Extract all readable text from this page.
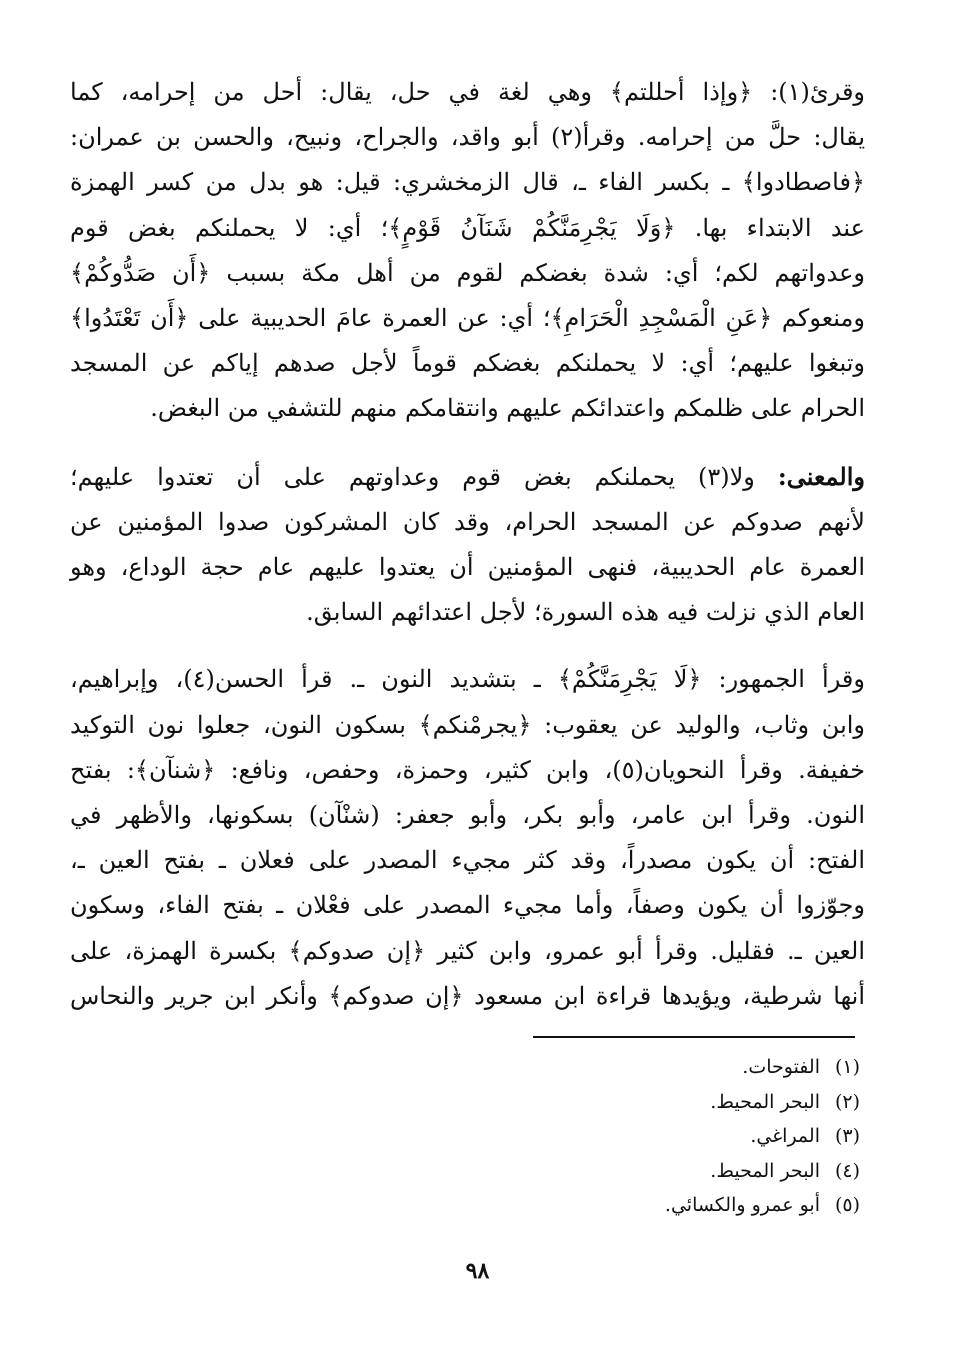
وقرئ(١): ﴿وإذا أحللتم﴾ وهي لغة في حل، يقال: أحل من إحرامه، كما
يقال: حلَّ من إحرامه. وقرأ(٢) أبو واقد، والجراح، ونبيح، والحسن بن عمران:
﴿فاصطادوا﴾ ـ بكسر الفاء ـ، قال الزمخشري: قيل: هو بدل من كسر الهمزة
عند الابتداء بها. ﴿وَلَا يَجْرِمَنَّكُمْ شَنَآنُ قَوْمٍ﴾؛ أي: لا يحملنكم بغض قوم
وعدواتهم لكم؛ أي: شدة بغضكم لقوم من أهل مكة بسبب ﴿أَن صَدُّوكُمْ﴾
ومنعوكم ﴿عَنِ الْمَسْجِدِ الْحَرَامِ﴾؛ أي: عن العمرة عامَ الحديبية على ﴿أَن تَعْتَدُوا﴾
وتبغوا عليهم؛ أي: لا يحملنكم بغضكم قوماً لأجل صدهم إياكم عن المسجد
الحرام على ظلمكم واعتدائكم عليهم وانتقامكم منهم للتشفي من البغض.
والمعنى: ولا(٣) يحملنكم بغض قوم وعداوتهم على أن تعتدوا عليهم؛
لأنهم صدوكم عن المسجد الحرام، وقد كان المشركون صدوا المؤمنين عن
العمرة عام الحديبية، فنهى المؤمنين أن يعتدوا عليهم عام حجة الوداع، وهو
العام الذي نزلت فيه هذه السورة؛ لأجل اعتدائهم السابق.
وقرأ الجمهور: ﴿لَا يَجْرِمَنَّكُمْ﴾ ـ بتشديد النون ـ. قرأ الحسن(٤)، وإبراهيم،
وابن وثاب، والوليد عن يعقوب: ﴿يجرمْنكم﴾ بسكون النون، جعلوا نون التوكيد
خفيفة. وقرأ النحويان(٥)، وابن كثير، وحمزة، وحفص، ونافع: ﴿شنآن﴾: بفتح
النون. وقرأ ابن عامر، وأبو بكر، وأبو جعفر: (شنْآن) بسكونها، والأظهر في
الفتح: أن يكون مصدراً، وقد كثر مجيء المصدر على فعلان ـ بفتح العين ـ،
وجوّزوا أن يكون وصفاً، وأما مجيء المصدر على فعْلان ـ بفتح الفاء، وسكون
العين ـ. فقليل. وقرأ أبو عمرو، وابن كثير ﴿إن صدوكم﴾ بكسرة الهمزة، على
أنها شرطية، ويؤيدها قراءة ابن مسعود ﴿إن صدوكم﴾ وأنكر ابن جرير والنحاس
(١)الفتوحات.
(٢)البحر المحيط.
(٣)المراغي.
(٤)البحر المحيط.
(٥)أبو عمرو والكسائي.
٩٨
